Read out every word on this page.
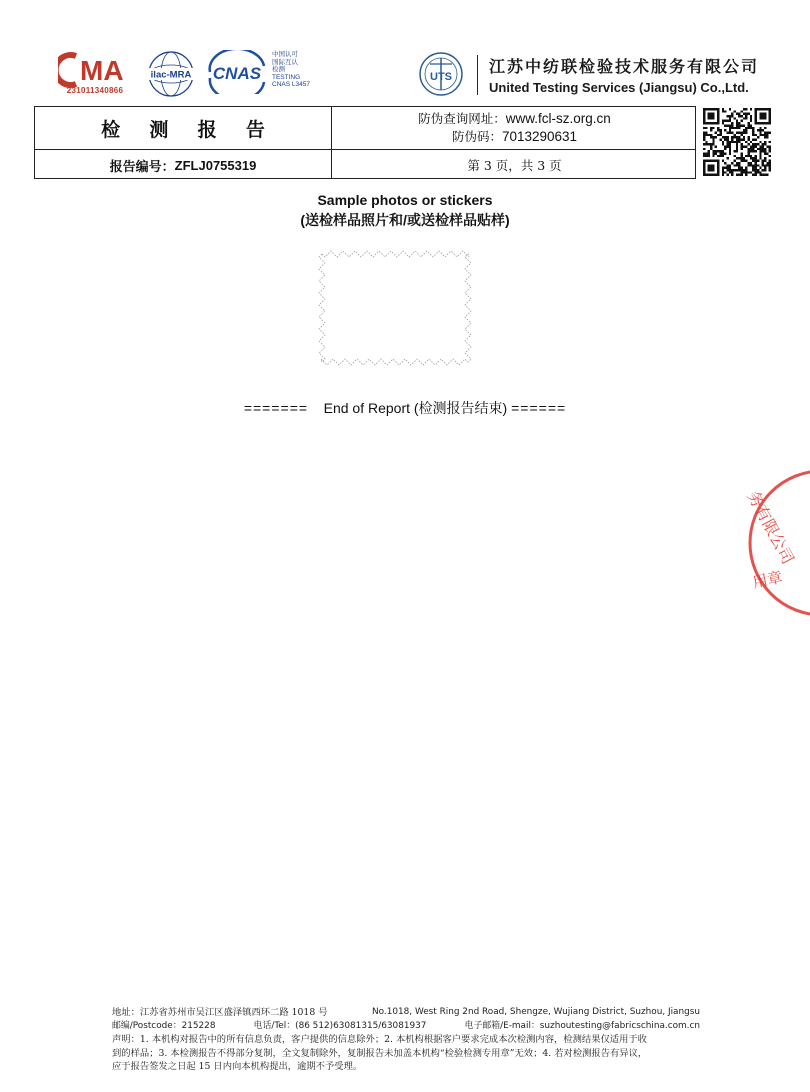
MA
231011340866
ilac-MRA CNAS
中国认可
国际互认
检测
TESTING
CNAS L3457
UTS
江苏中纺联检验技术服务有限公司
United Testing Services (Jiangsu) Co.,Ltd.
检 测 报 告
防伪查询网址：www.fcl-sz.org.cn
防伪码：7013290631
报告编号： ZFLJ0755319	第 3 页，共 3 页
Sample photos or stickers
(送检样品照片和/或送检样品贴样)
======= End of Report (检测报告结束) ======
务有限公司
用章
地址：江苏省苏州市吴江区盛泽镇西环二路 1018 号	No.1018, West Ring 2nd Road, Shengze, Wujiang District, Suzhou, Jiangsu
邮编/Postcode：215228	电话/Tel：(86 512)63081315/63081937	电子邮箱/E-mail：suzhoutesting@fabricschina.com.cn

声明：1. 本机构对报告中的所有信息负责，客户提供的信息除外；2. 本机构根据客户要求完成本次检测内容，检测结果仅适用于收

到的样品；3. 本检测报告不得部分复制，全文复制除外，复制报告未加盖本机构“检验检测专用章”无效；4. 若对检测报告有异议，

应于报告签发之日起 15 日内向本机构提出，逾期不予受理。
